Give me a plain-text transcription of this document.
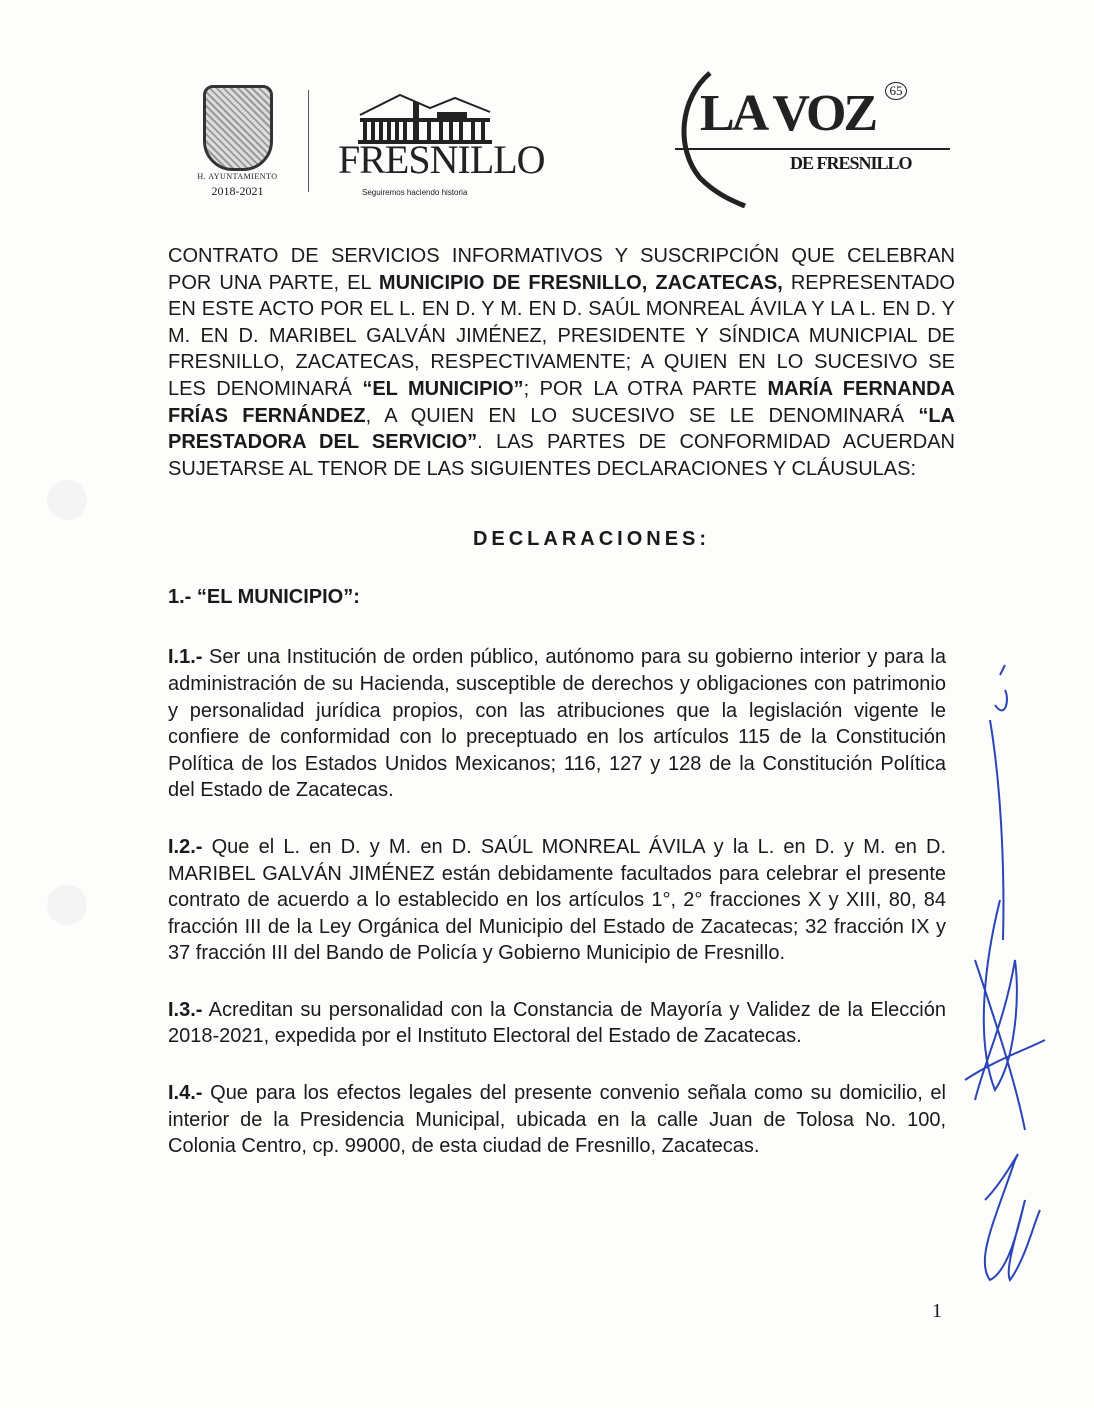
H. AYUNTAMIENTO
2018-2021
FRESNILLO
Seguiremos haciendo historia
LA VOZ	65
DE FRESNILLO

CONTRATO DE SERVICIOS INFORMATIVOS Y SUSCRIPCIÓN QUE CELEBRAN POR UNA PARTE, EL MUNICIPIO DE FRESNILLO, ZACATECAS, REPRESENTADO EN ESTE ACTO POR EL L. EN D. Y M. EN D. SAÚL MONREAL ÁVILA Y LA L. EN D. Y M. EN D. MARIBEL GALVÁN JIMÉNEZ, PRESIDENTE Y SÍNDICA MUNICPIAL DE FRESNILLO, ZACATECAS, RESPECTIVAMENTE; A QUIEN EN LO SUCESIVO SE LES DENOMINARÁ “EL MUNICIPIO”; POR LA OTRA PARTE MARÍA FERNANDA FRÍAS FERNÁNDEZ, A QUIEN EN LO SUCESIVO SE LE DENOMINARÁ “LA PRESTADORA DEL SERVICIO”. LAS PARTES DE CONFORMIDAD ACUERDAN SUJETARSE AL TENOR DE LAS SIGUIENTES DECLARACIONES Y CLÁUSULAS:

DECLARACIONES:
1.- “EL MUNICIPIO”:

I.1.- Ser una Institución de orden público, autónomo para su gobierno interior y para la administración de su Hacienda, susceptible de derechos y obligaciones con patrimonio y personalidad jurídica propios, con las atribuciones que la legislación vigente le confiere de conformidad con lo preceptuado en los artículos 115 de la Constitución Política de los Estados Unidos Mexicanos; 116, 127 y 128 de la Constitución Política del Estado de Zacatecas.

I.2.- Que el L. en D. y M. en D. SAÚL MONREAL ÁVILA y la L. en D. y M. en D. MARIBEL GALVÁN JIMÉNEZ están debidamente facultados para celebrar el presente contrato de acuerdo a lo establecido en los artículos 1°, 2° fracciones X y XIII, 80, 84 fracción III de la Ley Orgánica del Municipio del Estado de Zacatecas; 32 fracción IX y 37 fracción III del Bando de Policía y Gobierno Municipio de Fresnillo.

I.3.- Acreditan su personalidad con la Constancia de Mayoría y Validez de la Elección 2018-2021, expedida por el Instituto Electoral del Estado de Zacatecas.

I.4.- Que para los efectos legales del presente convenio señala como su domicilio, el interior de la Presidencia Municipal, ubicada en la calle Juan de Tolosa No. 100, Colonia Centro, cp. 99000, de esta ciudad de Fresnillo, Zacatecas.

1
